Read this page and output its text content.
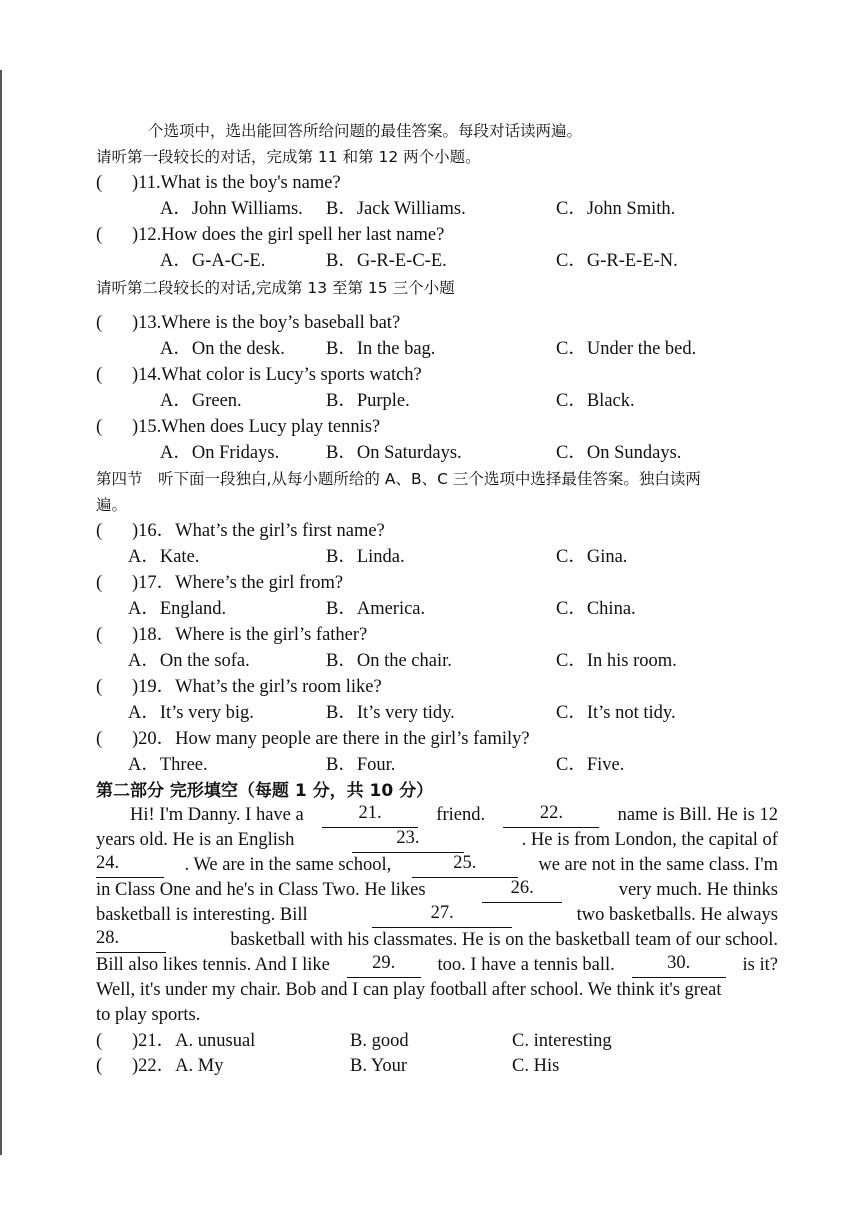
个选项中，选出能回答所给问题的最佳答案。每段对话读两遍。
请听第一段较长的对话，完成第 11 和第 12 两个小题。
( )11.What is the boy's name?
A．John Williams. B．Jack Williams.	C．John Smith.
( )12.How does the girl spell her last name?
A．G-A-C-E.	B．G-R-E-C-E.	C．G-R-E-E-N.
请听第二段较长的对话,完成第 13 至第 15 三个小题
( )13.Where is the boy’s baseball bat?
A．On the desk. B．In the bag.	C．Under the bed.
( )14.What color is Lucy’s sports watch?
A．Green.	B．Purple.	C．Black.
( )15.When does Lucy play tennis?
A．On Fridays.	B．On Saturdays.	C．On Sundays.
第四节　听下面一段独白,从每小题所给的 A、B、C 三个选项中选择最佳答案。独白读两
遍。
( )16．What’s the girl’s first name?
A．Kate.	B．Linda.	C．Gina.
( )17．Where’s the girl from?
A．England.	B．America.	C．China.
( )18．Where is the girl’s father?
A．On the sofa.	B．On the chair.	C．In his room.
( )19．What’s the girl’s room like?
A．It’s very big.	B．It’s very tidy.	C．It’s not tidy.
( )20．How many people are there in the girl’s family?
A．Three.	B．Four.	C．Five.
第二部分 完形填空（每题 1 分，共 10 分）
Hi! I'm Danny. I have a	21.	friend.	22.	name is Bill. He is 12
years old. He is an English	23.	. He is from London, the capital of
24.	. We are in the same school,	25.	we are not in the same class. I'm
in Class One and he's in Class Two. He likes	26.	very much. He thinks
basketball is interesting. Bill	27.	two basketballs. He always
28.	basketball with his classmates. He is on the basketball team of our school.
Bill also likes tennis. And I like	29.	too. I have a tennis ball.	30.	is it?
Well, it's under my chair. Bob and I can play football after school. We think it's great
to play sports.
( )21．A. unusual	B. good	C. interesting
( )22．A. My	B. Your	C. His
